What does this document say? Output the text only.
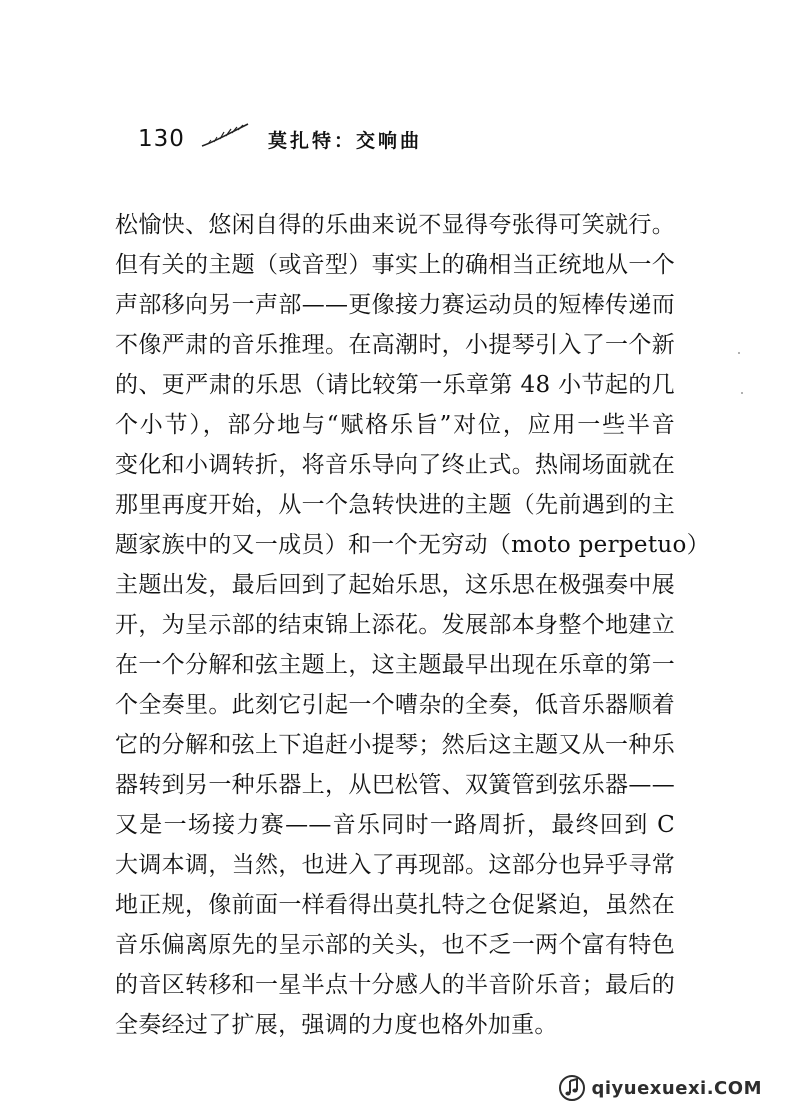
130	莫扎特：交响曲
松愉快、悠闲自得的乐曲来说不显得夸张得可笑就行。
但有关的主题（或音型）事实上的确相当正统地从一个
声部移向另一声部——更像接力赛运动员的短棒传递而
不像严肃的音乐推理。在高潮时，小提琴引入了一个新
的、更严肃的乐思（请比较第一乐章第 48 小节起的几
个小节），部分地与“赋格乐旨”对位，应用一些半音
变化和小调转折，将音乐导向了终止式。热闹场面就在
那里再度开始，从一个急转快进的主题（先前遇到的主
题家族中的又一成员）和一个无穷动（moto perpetuo）
主题出发，最后回到了起始乐思，这乐思在极强奏中展
开，为呈示部的结束锦上添花。发展部本身整个地建立
在一个分解和弦主题上，这主题最早出现在乐章的第一
个全奏里。此刻它引起一个嘈杂的全奏，低音乐器顺着
它的分解和弦上下追赶小提琴；然后这主题又从一种乐
器转到另一种乐器上，从巴松管、双簧管到弦乐器——
又是一场接力赛——音乐同时一路周折，最终回到 C
大调本调，当然，也进入了再现部。这部分也异乎寻常
地正规，像前面一样看得出莫扎特之仓促紧迫，虽然在
音乐偏离原先的呈示部的关头，也不乏一两个富有特色
的音区转移和一星半点十分感人的半音阶乐音；最后的
全奏经过了扩展，强调的力度也格外加重。
qiyuexuexi.COM
